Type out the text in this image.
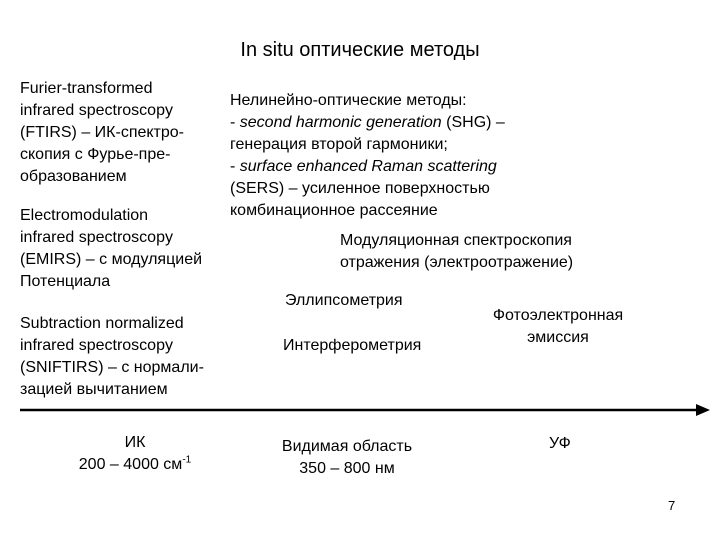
In situ оптические методы
Furier-transformed
infrared spectroscopy
(FTIRS) – ИК-спектро-
скопия с Фурье-пре-
образованием
Electromodulation
infrared spectroscopy
(EMIRS) – с модуляцией
Потенциала
Subtraction normalized
infrared spectroscopy
(SNIFTIRS) – с нормали-
зацией вычитанием
Нелинейно-оптические методы:
- second harmonic generation (SHG) –
генерация второй гармоники;
- surface enhanced Raman scattering
(SERS) – усиленное поверхностью
комбинационное рассеяние
Модуляционная спектроскопия
отражения (электроотражение)
Эллипсометрия
Интерферометрия
Фотоэлектронная
эмиссия
ИК
200 – 4000 $см^{-1}$
Видимая область
350 – 800 нм
УФ
7
